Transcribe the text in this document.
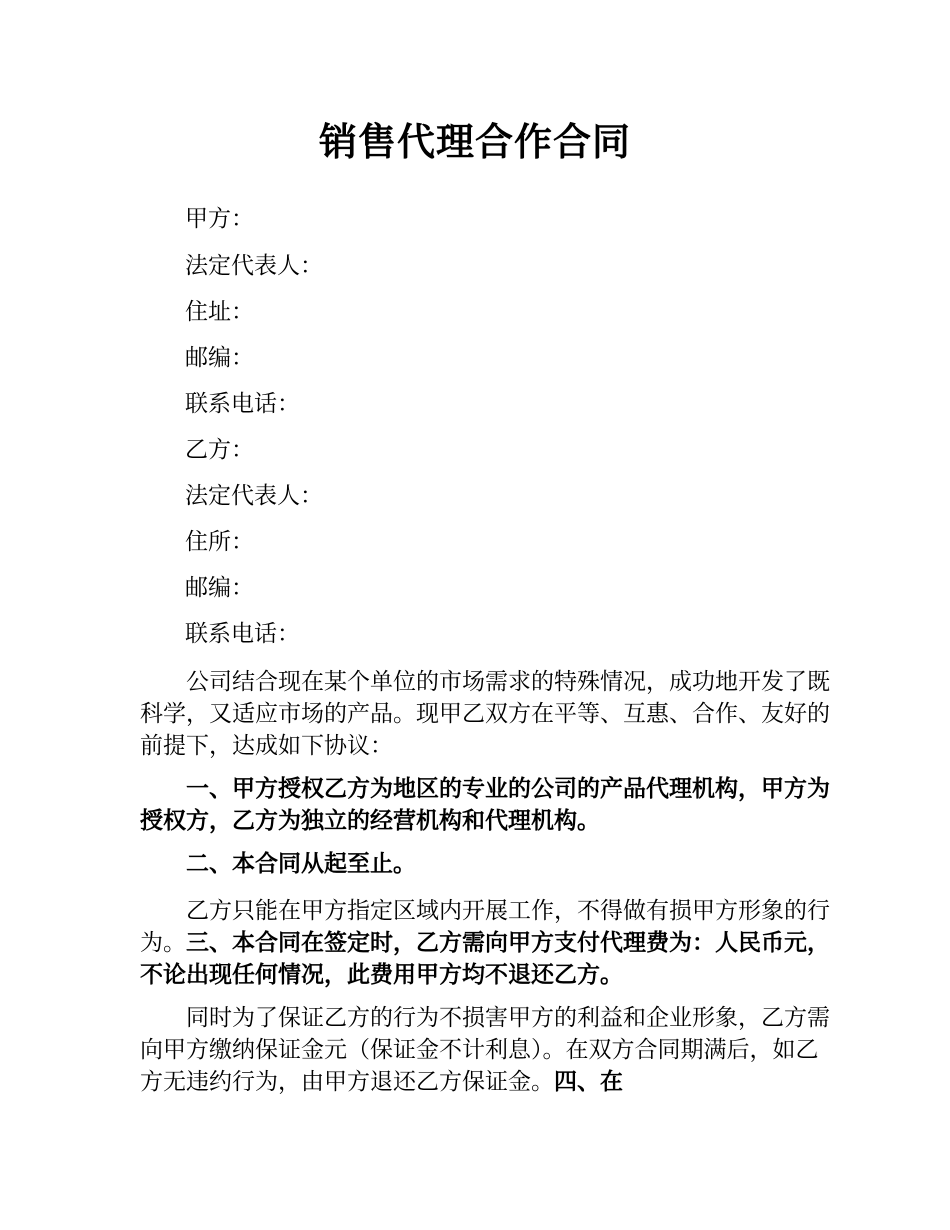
销售代理合作合同
甲方：
法定代表人：
住址：
邮编：
联系电话：
乙方：
法定代表人：
住所：
邮编：
联系电话：
公司结合现在某个单位的市场需求的特殊情况，成功地开发了既科学，又适应市场的产品。现甲乙双方在平等、互惠、合作、友好的前提下，达成如下协议：
一、甲方授权乙方为地区的专业的公司的产品代理机构，甲方为授权方，乙方为独立的经营机构和代理机构。
二、本合同从起至止。
乙方只能在甲方指定区域内开展工作，不得做有损甲方形象的行为。三、本合同在签定时，乙方需向甲方支付代理费为：人民币元，不论出现任何情况，此费用甲方均不退还乙方。
同时为了保证乙方的行为不损害甲方的利益和企业形象，乙方需向甲方缴纳保证金元（保证金不计利息）。在双方合同期满后，如乙方无违约行为，由甲方退还乙方保证金。四、在
